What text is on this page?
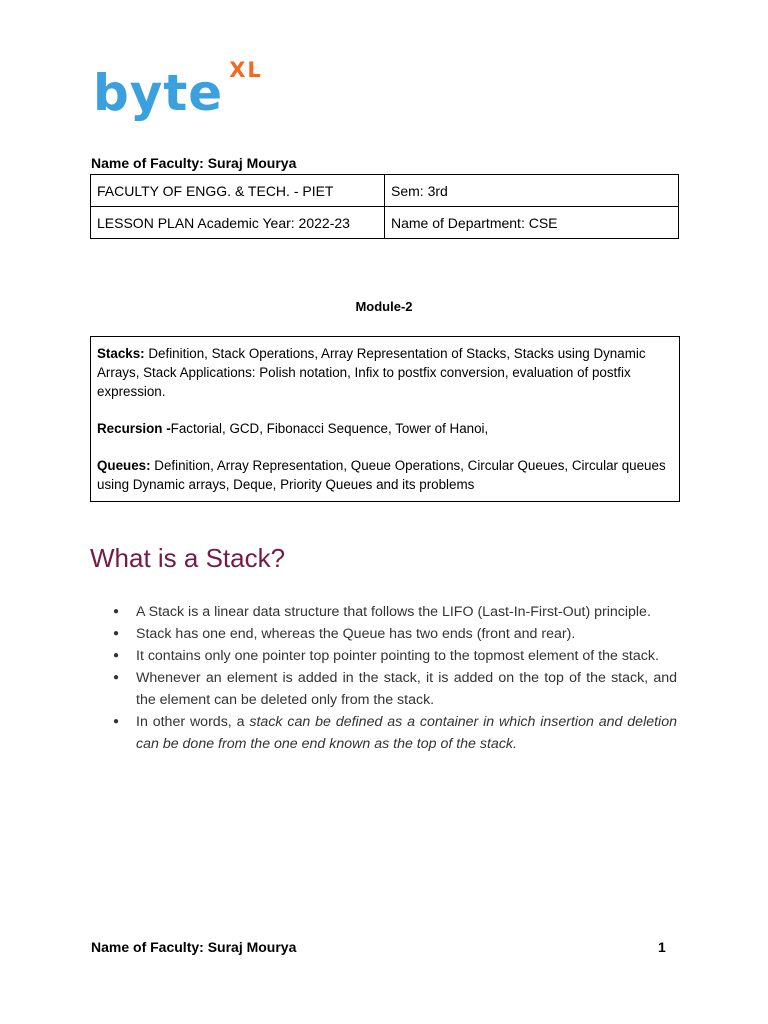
byte XL
Name of Faculty: Suraj Mourya
FACULTY OF ENGG. & TECH. - PIET	Sem: 3rd
LESSON PLAN Academic Year: 2022-23	Name of Department: CSE
Module-2

Stacks: Definition, Stack Operations, Array Representation of Stacks, Stacks using Dynamic Arrays, Stack Applications: Polish notation, Infix to postfix conversion, evaluation of postfix expression.

Recursion -Factorial, GCD, Fibonacci Sequence, Tower of Hanoi,

Queues: Definition, Array Representation, Queue Operations, Circular Queues, Circular queues using Dynamic arrays, Deque, Priority Queues and its problems

What is a Stack?
● A Stack is a linear data structure that follows the LIFO (Last-In-First-Out) principle.
● Stack has one end, whereas the Queue has two ends (front and rear).
● It contains only one pointer top pointer pointing to the topmost element of the stack.
● Whenever an element is added in the stack, it is added on the top of the stack, and the element can be deleted only from the stack.
● In other words, a stack can be defined as a container in which insertion and deletion can be done from the one end known as the top of the stack.
Name of Faculty: Suraj Mourya	1
